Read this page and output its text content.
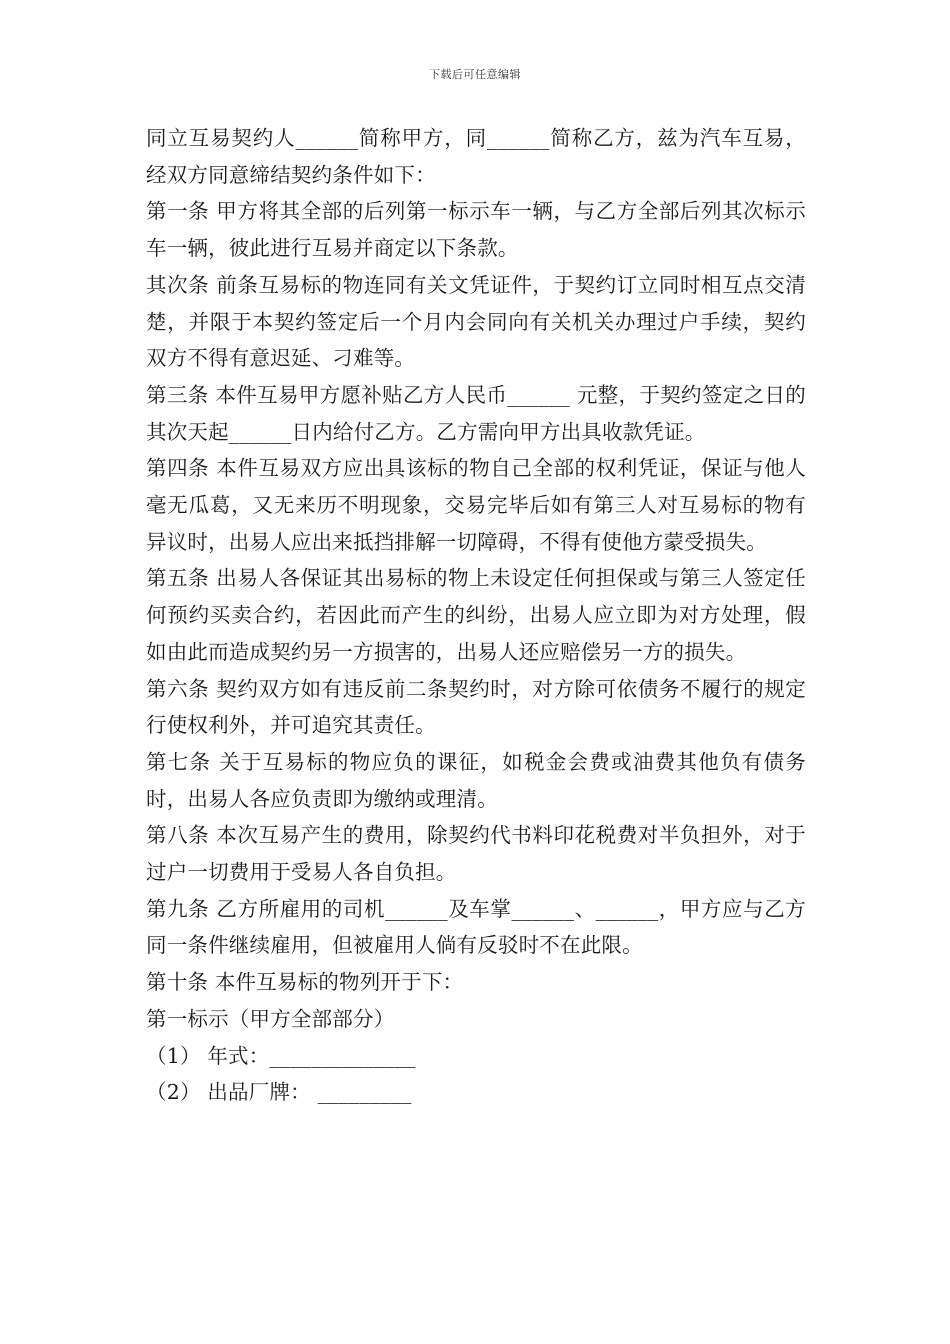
下载后可任意编辑

同立互易契约人______简称甲方，同______简称乙方，兹为汽车互易，经双方同意缔结契约条件如下：

第一条 甲方将其全部的后列第一标示车一辆，与乙方全部后列其次标示车一辆，彼此进行互易并商定以下条款。

其次条 前条互易标的物连同有关文凭证件，于契约订立同时相互点交清楚，并限于本契约签定后一个月内会同向有关机关办理过户手续，契约双方不得有意迟延、刁难等。

第三条 本件互易甲方愿补贴乙方人民币______ 元整，于契约签定之日的其次天起______日内给付乙方。乙方需向甲方出具收款凭证。

第四条 本件互易双方应出具该标的物自己全部的权利凭证，保证与他人毫无瓜葛，又无来历不明现象，交易完毕后如有第三人对互易标的物有异议时，出易人应出来抵挡排解一切障碍，不得有使他方蒙受损失。

第五条 出易人各保证其出易标的物上未设定任何担保或与第三人签定任何预约买卖合约，若因此而产生的纠纷，出易人应立即为对方处理，假如由此而造成契约另一方损害的，出易人还应赔偿另一方的损失。

第六条 契约双方如有违反前二条契约时，对方除可依债务不履行的规定行使权利外，并可追究其责任。

第七条 关于互易标的物应负的课征，如税金会费或油费其他负有债务时，出易人各应负责即为缴纳或理清。

第八条 本次互易产生的费用，除契约代书料印花税费对半负担外，对于过户一切费用于受易人各自负担。

第九条 乙方所雇用的司机______及车掌______、______，甲方应与乙方同一条件继续雇用，但被雇用人倘有反驳时不在此限。

第十条 本件互易标的物列开于下：

第一标示（甲方全部部分）

（1） 年式：______________

（2） 出品厂牌： _________
